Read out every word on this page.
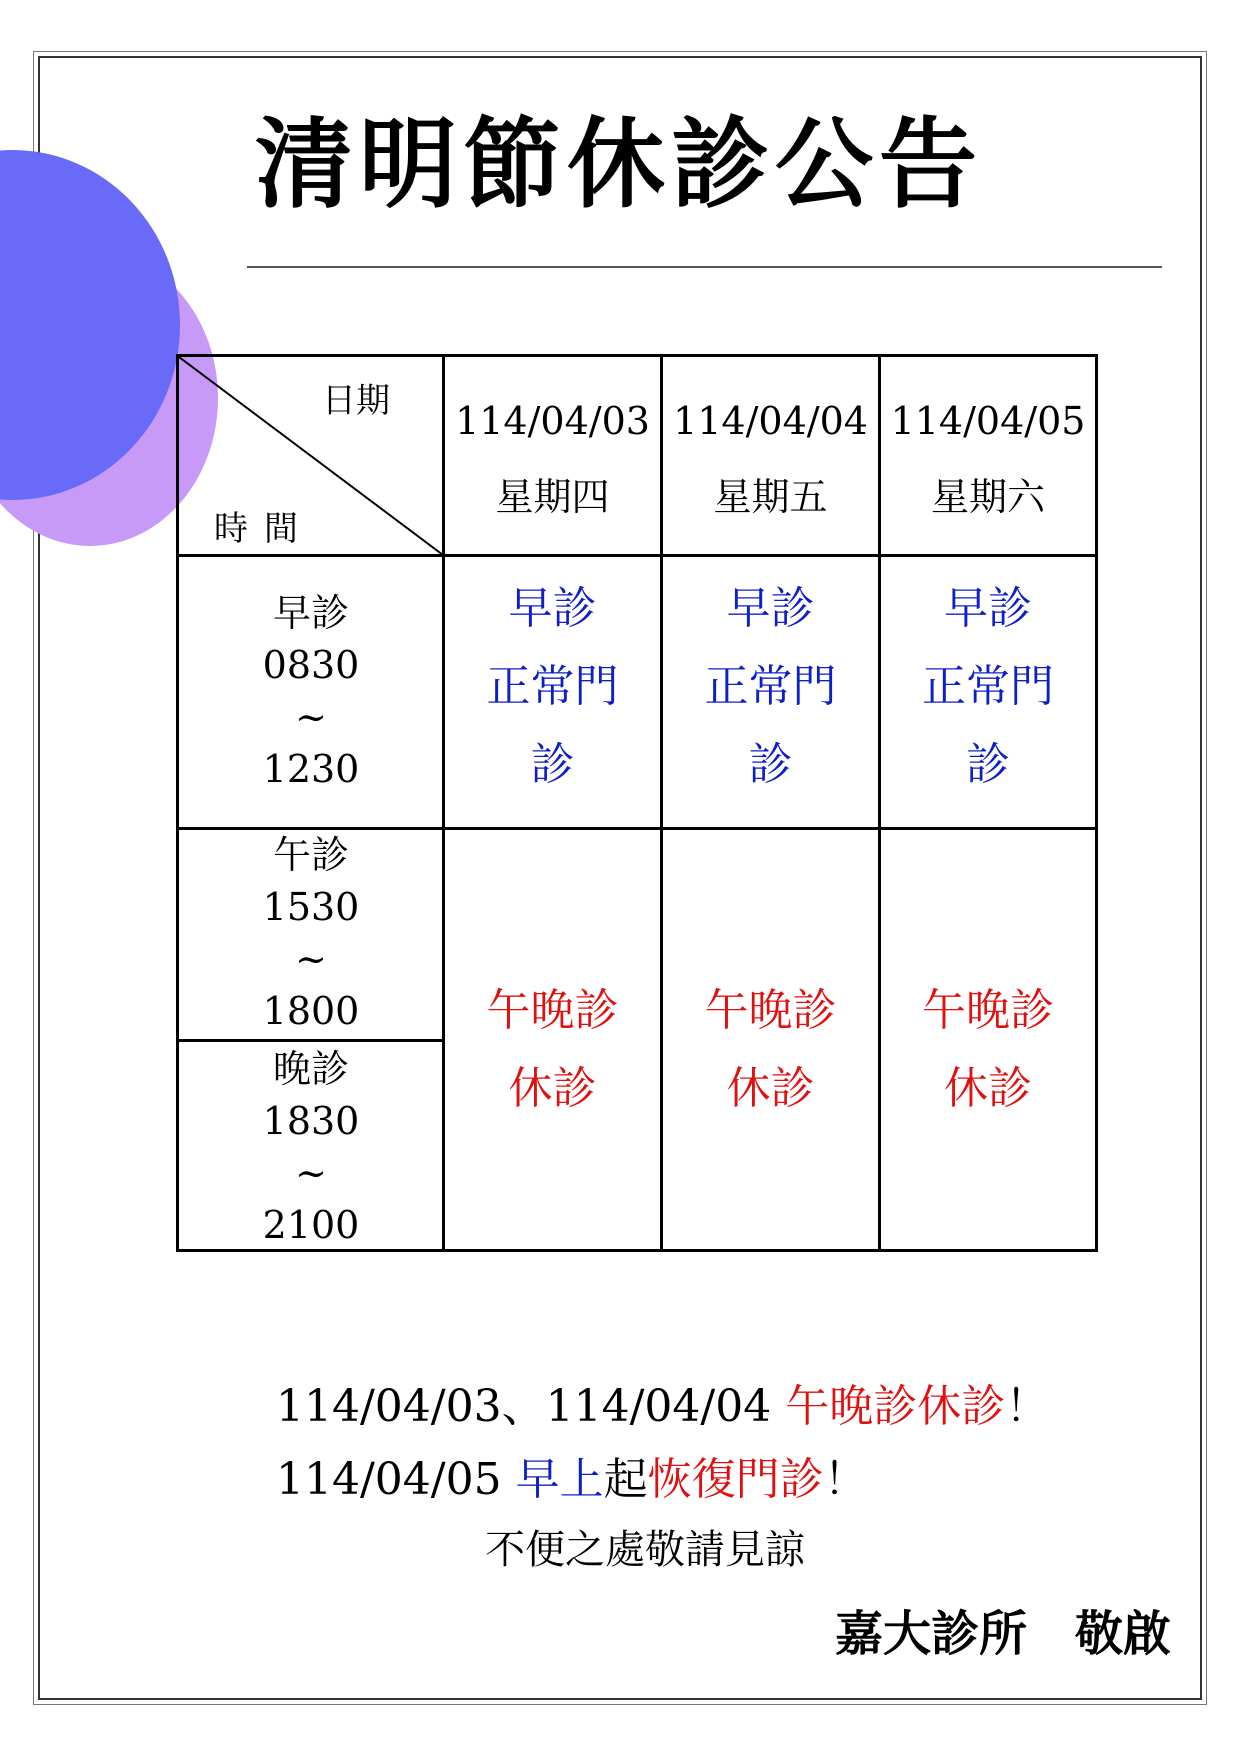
清明節休診公告
日期
時間
114/04/03
星期四
114/04/04
星期五
114/04/05
星期六
早診
0830
~
1230
午診
1530
~
1800
晚診
1830
~
2100
早診
正常門
診
早診
正常門
診
早診
正常門
診
午晚診
休診
午晚診
休診
午晚診
休診
114/04/03、114/04/04 午晚診休診！
114/04/05 早上起恢復門診！
不便之處敬請見諒
嘉大診所　敬啟
